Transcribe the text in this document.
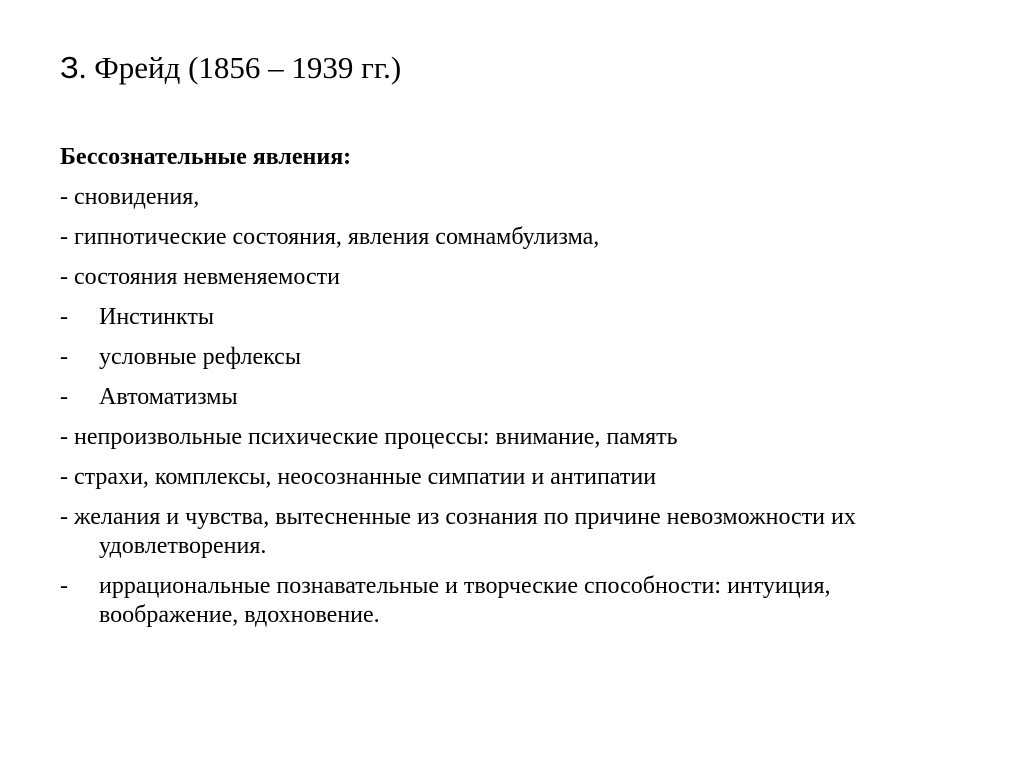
З. Фрейд (1856 – 1939 гг.)
Бессознательные явления:
- сновидения,
- гипнотические состояния, явления сомнамбулизма,
- состояния невменяемости
- Инстинкты
- условные рефлексы
- Автоматизмы
- непроизвольные психические процессы: внимание, память
- страхи, комплексы, неосознанные симпатии и антипатии
- желания и чувства, вытесненные из сознания по причине невозможности их удовлетворения.
- иррациональные познавательные и творческие способности: интуиция, воображение, вдохновение.
